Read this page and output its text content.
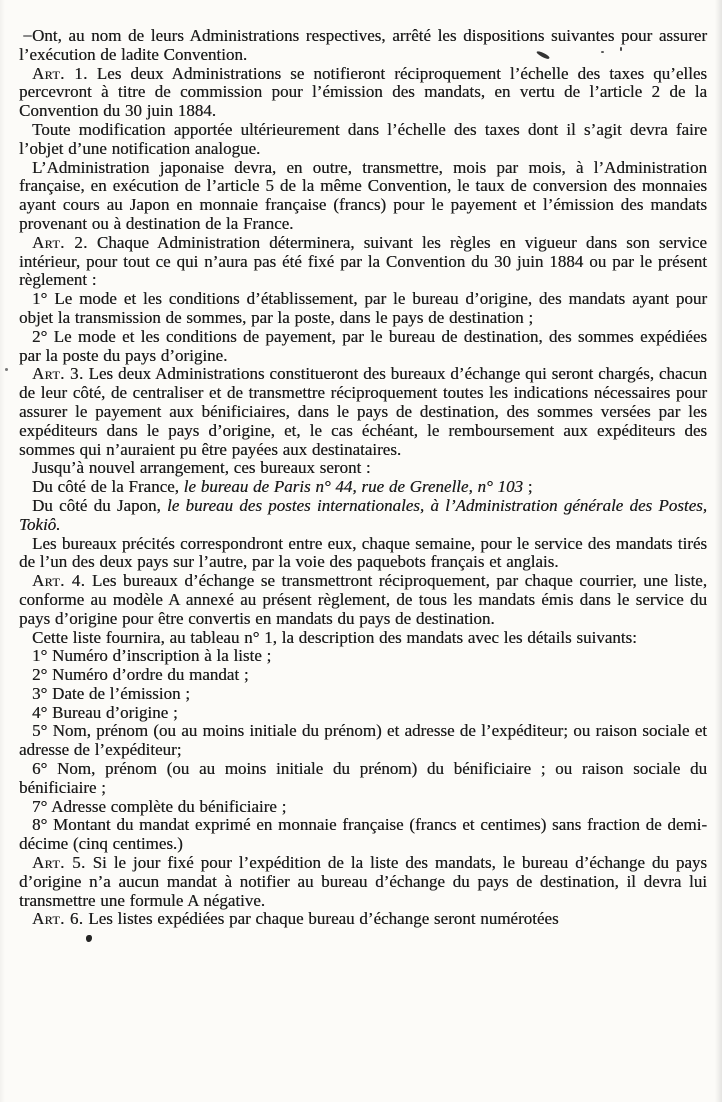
Ont, au nom de leurs Administrations respectives, arrêté les dispositions suivantes pour assurer l’exécution de ladite Convention.

Art. 1. Les deux Administrations se notifieront réciproquement l’échelle des taxes qu’elles percevront à titre de commission pour l’émission des mandats, en vertu de l’article 2 de la Convention du 30 juin 1884.

Toute modification apportée ultérieurement dans l’échelle des taxes dont il s’agit devra faire l’objet d’une notification analogue.

L’Administration japonaise devra, en outre, transmettre, mois par mois, à l’Administration française, en exécution de l’article 5 de la même Convention, le taux de conversion des monnaies ayant cours au Japon en monnaie française (francs) pour le payement et l’émission des mandats provenant ou à destination de la France.

Art. 2. Chaque Administration déterminera, suivant les règles en vigueur dans son service intérieur, pour tout ce qui n’aura pas été fixé par la Convention du 30 juin 1884 ou par le présent règlement :

1° Le mode et les conditions d’établissement, par le bureau d’origine, des mandats ayant pour objet la transmission de sommes, par la poste, dans le pays de destination ;

2° Le mode et les conditions de payement, par le bureau de destination, des sommes expédiées par la poste du pays d’origine.

Art. 3. Les deux Administrations constitueront des bureaux d’échange qui seront chargés, chacun de leur côté, de centraliser et de transmettre réciproquement toutes les indications nécessaires pour assurer le payement aux bénificiaires, dans le pays de destination, des sommes versées par les expéditeurs dans le pays d’origine, et, le cas échéant, le remboursement aux expéditeurs des sommes qui n’auraient pu être payées aux destinataires.

Jusqu’à nouvel arrangement, ces bureaux seront :

Du côté de la France, le bureau de Paris n° 44, rue de Grenelle, n° 103 ;

Du côté du Japon, le bureau des postes internationales, à l’Administration générale des Postes, Tokiô.

Les bureaux précités correspondront entre eux, chaque semaine, pour le service des mandats tirés de l’un des deux pays sur l’autre, par la voie des paquebots français et anglais.

Art. 4. Les bureaux d’échange se transmettront réciproquement, par chaque courrier, une liste, conforme au modèle A annexé au présent règlement, de tous les mandats émis dans le service du pays d’origine pour être convertis en mandats du pays de destination.

Cette liste fournira, au tableau n° 1, la description des mandats avec les détails suivants:

1° Numéro d’inscription à la liste ;

2° Numéro d’ordre du mandat ;

3° Date de l’émission ;

4° Bureau d’origine ;

5° Nom, prénom (ou au moins initiale du prénom) et adresse de l’expéditeur; ou raison sociale et adresse de l’expéditeur;

6° Nom, prénom (ou au moins initiale du prénom) du bénificiaire ; ou raison sociale du bénificiaire ;

7° Adresse complète du bénificiaire ;

8° Montant du mandat exprimé en monnaie française (francs et centimes) sans fraction de demi-décime (cinq centimes.)

Art. 5. Si le jour fixé pour l’expédition de la liste des mandats, le bureau d’échange du pays d’origine n’a aucun mandat à notifier au bureau d’échange du pays de destination, il devra lui transmettre une formule A négative.

Art. 6. Les listes expédiées par chaque bureau d’échange seront numérotées
